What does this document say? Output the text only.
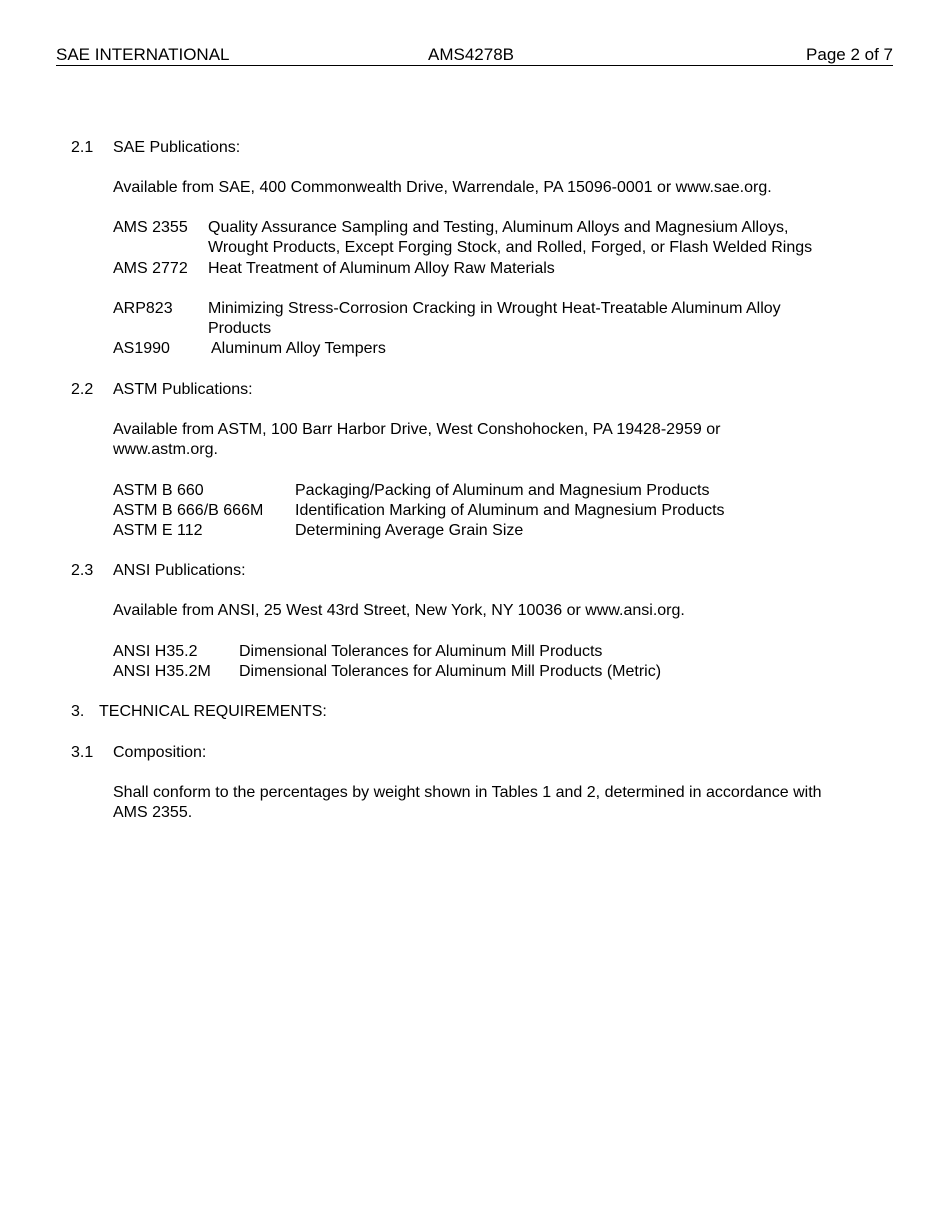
SAE INTERNATIONAL	AMS4278B	Page 2 of 7
2.1 SAE Publications:
Available from SAE, 400 Commonwealth Drive, Warrendale, PA 15096-0001 or www.sae.org.
AMS 2355 Quality Assurance Sampling and Testing, Aluminum Alloys and Magnesium Alloys,
Wrought Products, Except Forging Stock, and Rolled, Forged, or Flash Welded Rings
AMS 2772 Heat Treatment of Aluminum Alloy Raw Materials
ARP823 Minimizing Stress-Corrosion Cracking in Wrought Heat-Treatable Aluminum Alloy
Products
AS1990	Aluminum Alloy Tempers
2.2 ASTM Publications:
Available from ASTM, 100 Barr Harbor Drive, West Conshohocken, PA 19428-2959 or
www.astm.org.
ASTM B 660	Packaging/Packing of Aluminum and Magnesium Products
ASTM B 666/B 666M Identification Marking of Aluminum and Magnesium Products
ASTM E 112	Determining Average Grain Size
2.3 ANSI Publications:
Available from ANSI, 25 West 43rd Street, New York, NY 10036 or www.ansi.org.
ANSI H35.2	Dimensional Tolerances for Aluminum Mill Products
ANSI H35.2M Dimensional Tolerances for Aluminum Mill Products (Metric)
3. TECHNICAL REQUIREMENTS:
3.1 Composition:
Shall conform to the percentages by weight shown in Tables 1 and 2, determined in accordance with
AMS 2355.
